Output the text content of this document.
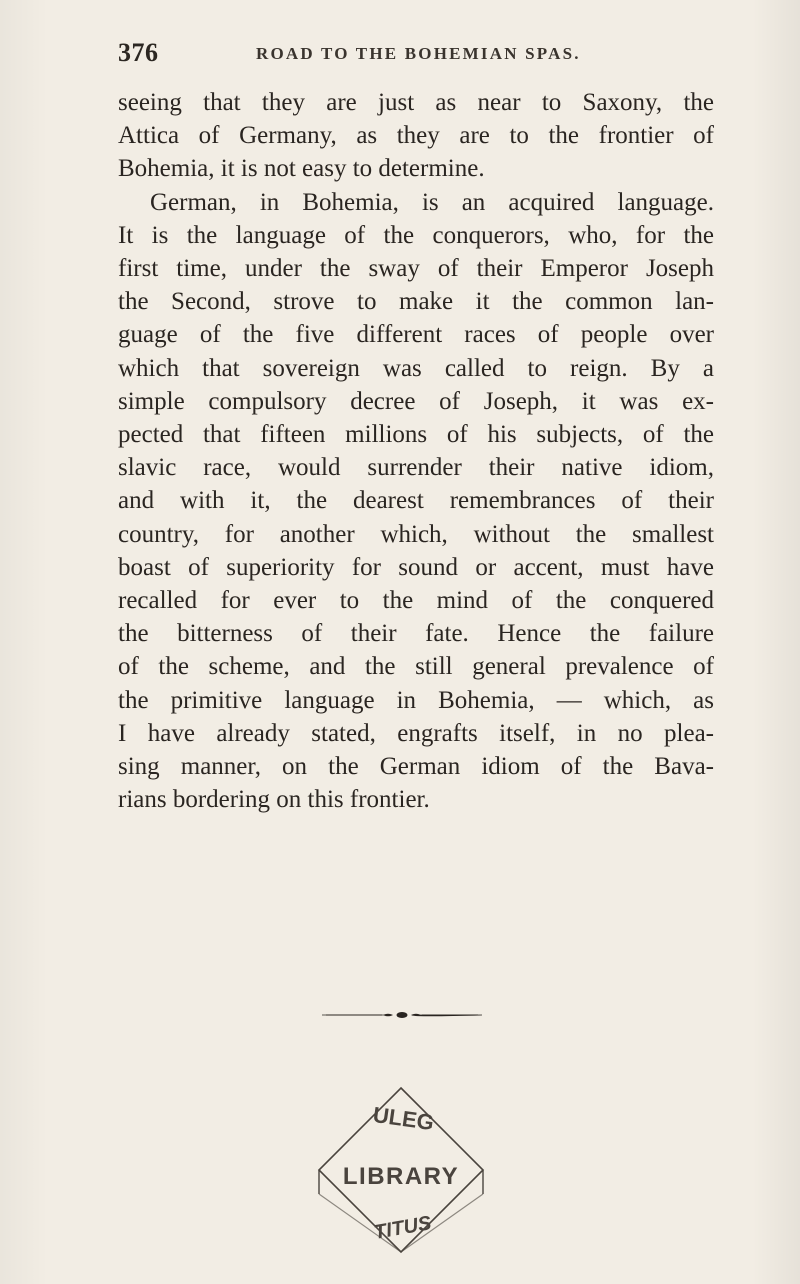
376	ROAD TO THE BOHEMIAN SPAS.
seeing that they are just as near to Saxony, the
Attica of Germany, as they are to the frontier of
Bohemia, it is not easy to determine.
German, in Bohemia, is an acquired language.
It is the language of the conquerors, who, for the
first time, under the sway of their Emperor Joseph
the Second, strove to make it the common lan-
guage of the five different races of people over
which that sovereign was called to reign. By a
simple compulsory decree of Joseph, it was ex-
pected that fifteen millions of his subjects, of the
slavic race, would surrender their native idiom,
and with it, the dearest remembrances of their
country, for another which, without the smallest
boast of superiority for sound or accent, must have
recalled for ever to the mind of the conquered
the bitterness of their fate. Hence the failure
of the scheme, and the still general prevalence of
the primitive language in Bohemia, — which, as
I have already stated, engrafts itself, in no plea-
sing manner, on the German idiom of the Bava-
rians bordering on this frontier.
ULEG
LIBRARY
TITUS
